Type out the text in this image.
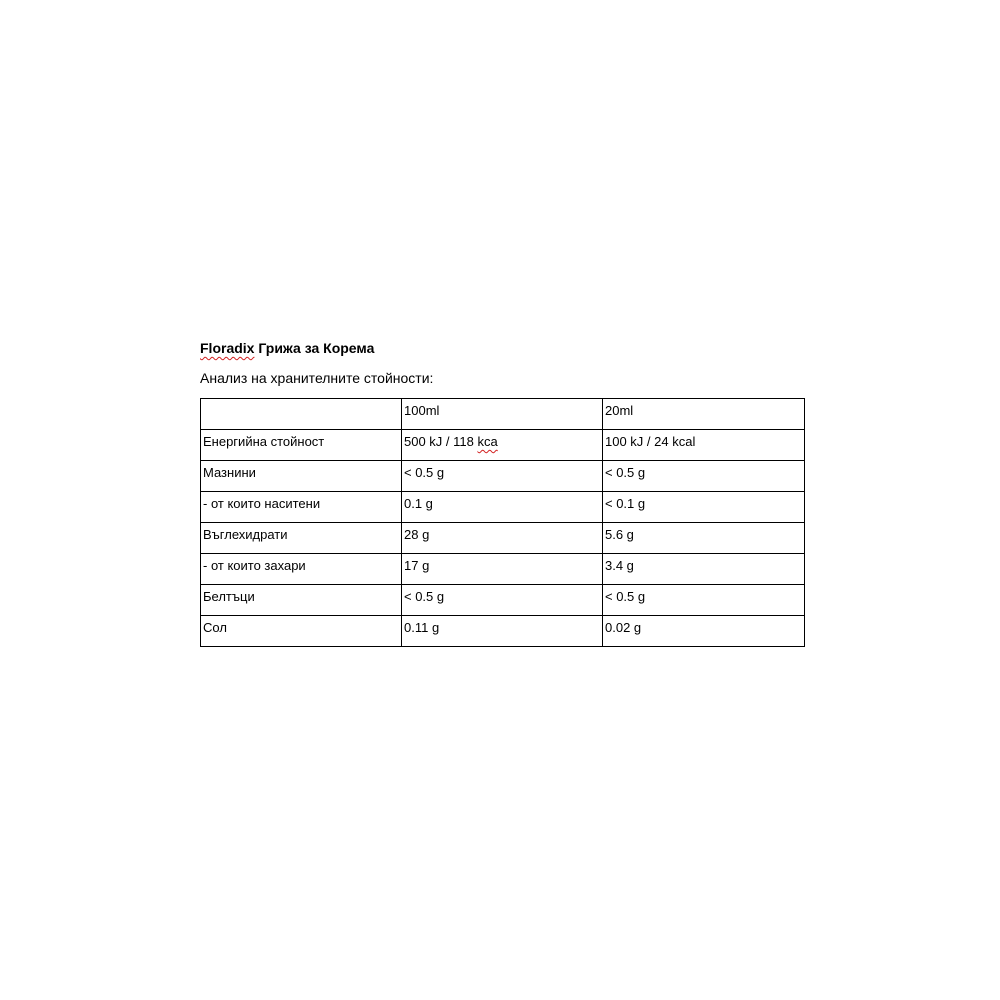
Floradix Грижа за Корема

Анализ на хранителните стойности:

	100ml	20ml
Енергийна стойност	500 kJ / 118 kca	100 kJ / 24 kcal
Мазнини	< 0.5 g	< 0.5 g
- от които наситени	0.1 g	< 0.1 g
Въглехидрати	28 g	5.6 g
- от които захари	17 g	3.4 g
Белтъци	< 0.5 g	< 0.5 g
Сол	0.11 g	0.02 g
